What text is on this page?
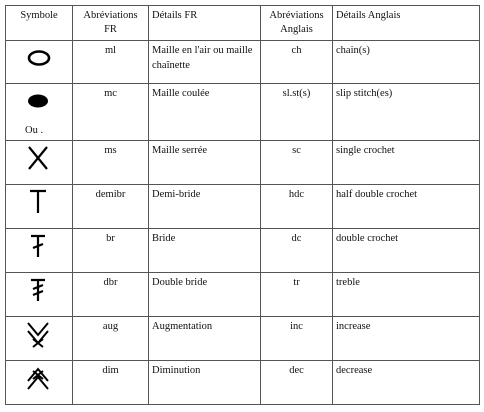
Symbole	Abréviations FR	Détails FR	Abréviations Anglais	Détails Anglais

	ml	Maille en l'air ou maille chaînette	ch	chain(s)

Ou .	mc	Maille coulée	sl.st(s)	slip stitch(es)

	ms	Maille serrée	sc	single crochet

	demibr	Demi-bride	hdc	half double crochet

	br	Bride	dc	double crochet

	dbr	Double bride	tr	treble

	aug	Augmentation	inc	increase

	dim	Diminution	dec	decrease
